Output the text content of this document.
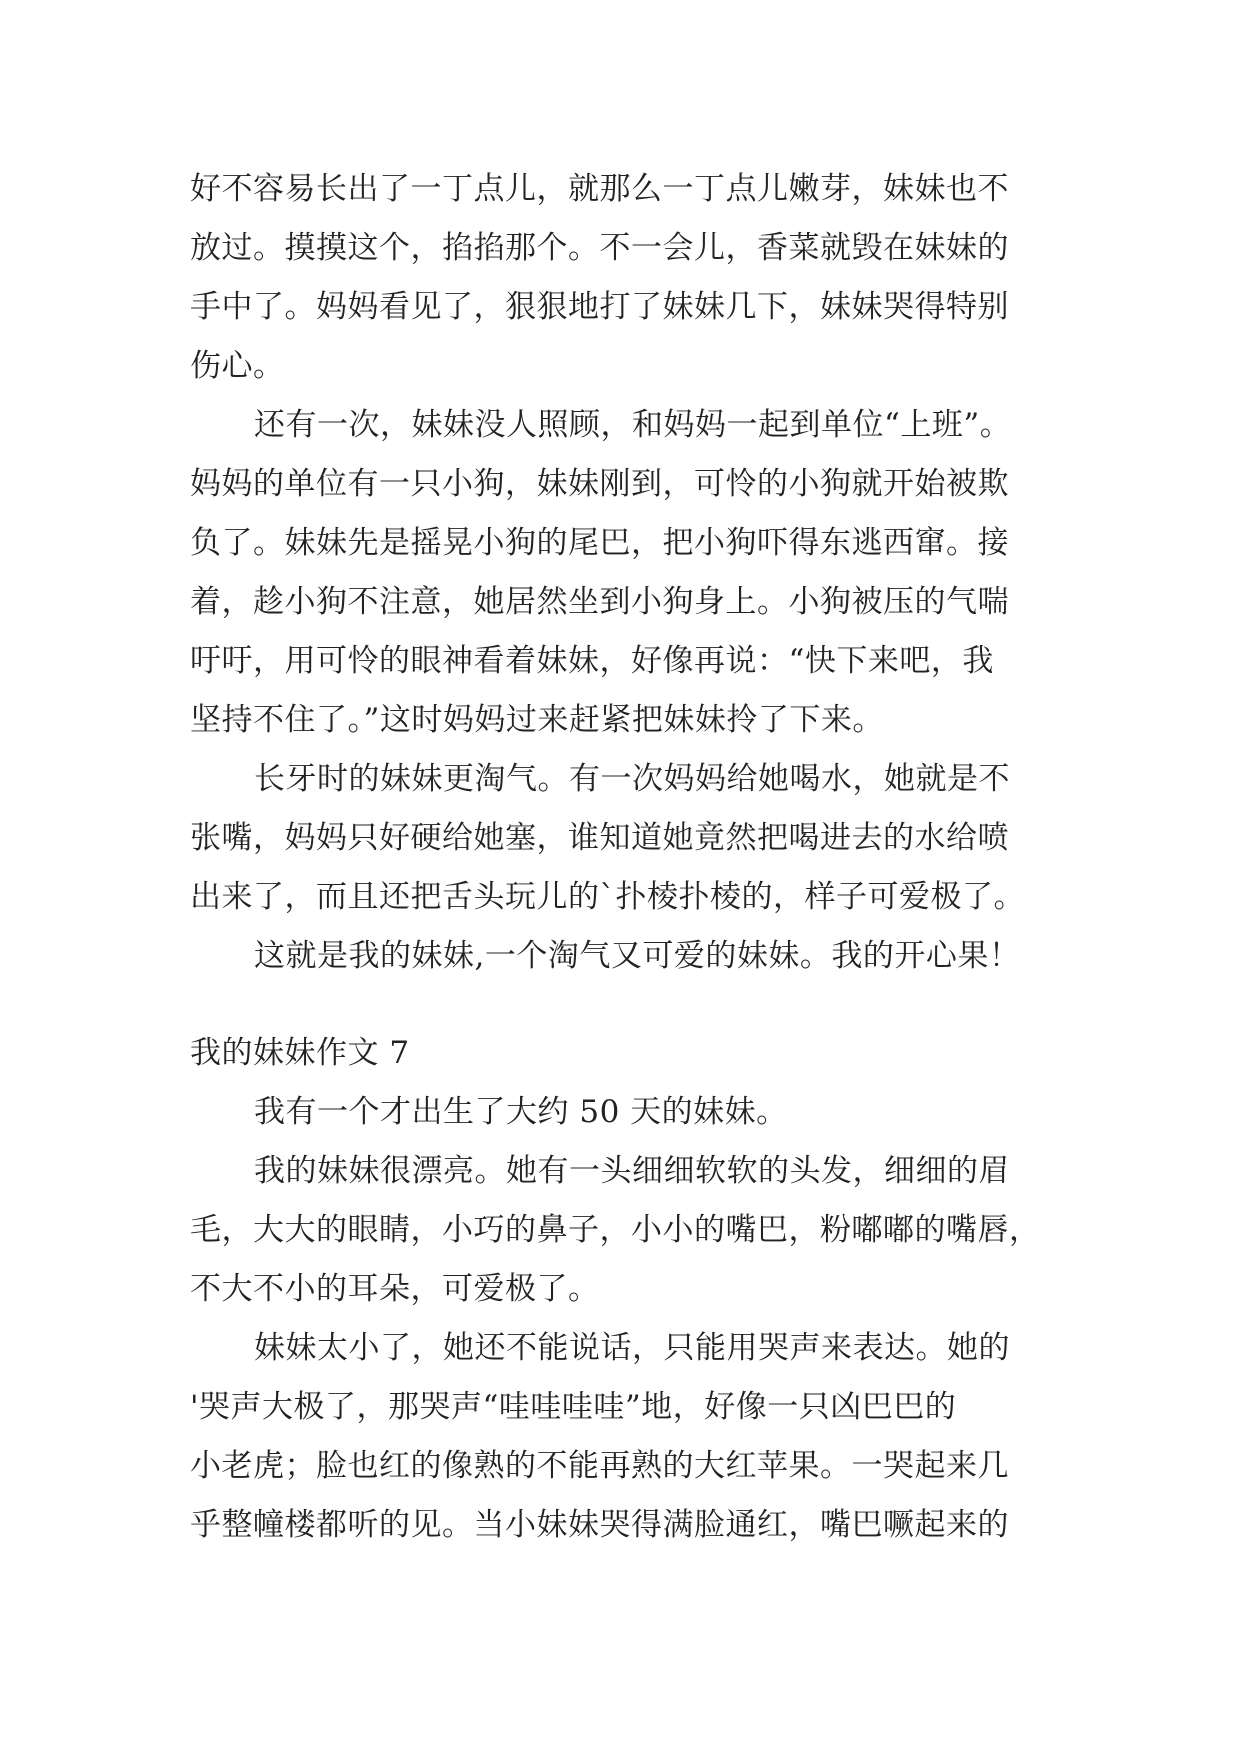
好不容易长出了一丁点儿，就那么一丁点儿嫩芽，妹妹也不
放过。摸摸这个，掐掐那个。不一会儿，香菜就毁在妹妹的
手中了。妈妈看见了，狠狠地打了妹妹几下，妹妹哭得特别
伤心。

还有一次，妹妹没人照顾，和妈妈一起到单位“上班”。
妈妈的单位有一只小狗，妹妹刚到，可怜的小狗就开始被欺
负了。妹妹先是摇晃小狗的尾巴，把小狗吓得东逃西窜。接
着，趁小狗不注意，她居然坐到小狗身上。小狗被压的气喘
吁吁，用可怜的眼神看着妹妹，好像再说：“快下来吧，我
坚持不住了。”这时妈妈过来赶紧把妹妹拎了下来。

长牙时的妹妹更淘气。有一次妈妈给她喝水，她就是不
张嘴，妈妈只好硬给她塞，谁知道她竟然把喝进去的水给喷
出来了，而且还把舌头玩儿的`扑棱扑棱的，样子可爱极了。

这就是我的妹妹,一个淘气又可爱的妹妹。我的开心果！

我的妹妹作文 7

我有一个才出生了大约 50 天的妹妹。

我的妹妹很漂亮。她有一头细细软软的头发，细细的眉
毛，大大的眼睛，小巧的鼻子，小小的嘴巴，粉嘟嘟的嘴唇，
不大不小的耳朵，可爱极了。

妹妹太小了，她还不能说话，只能用哭声来表达。她的
'哭声大极了，那哭声“哇哇哇哇”地，好像一只凶巴巴的
小老虎；脸也红的像熟的不能再熟的大红苹果。一哭起来几
乎整幢楼都听的见。当小妹妹哭得满脸通红，嘴巴噘起来的
